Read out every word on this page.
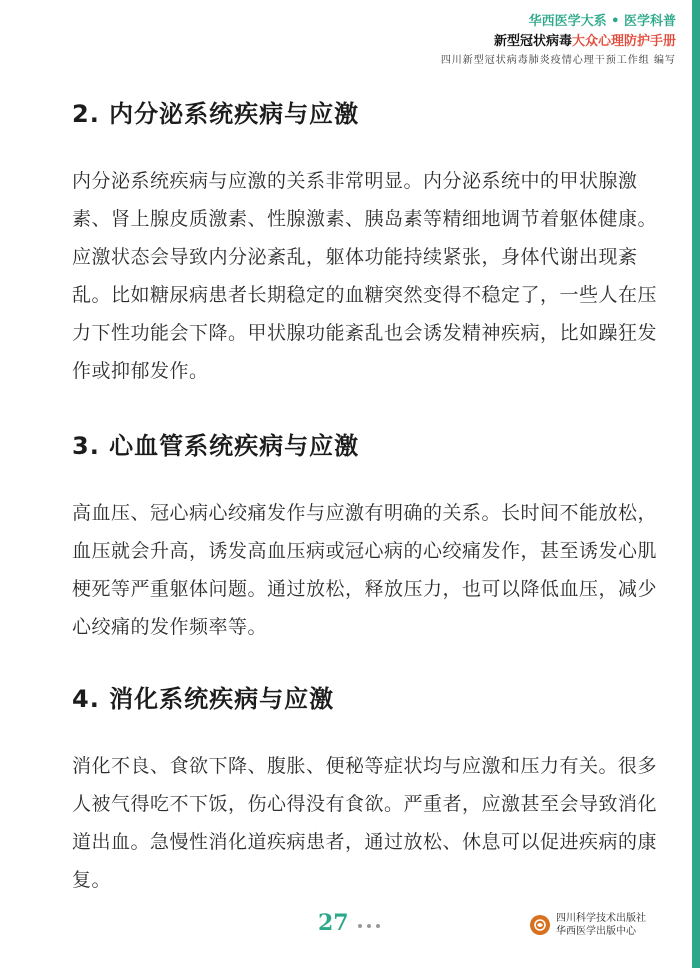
华西医学大系 • 医学科普
新型冠状病毒大众心理防护手册
四川新型冠状病毒肺炎疫情心理干预工作组 编写
2. 内分泌系统疾病与应激

内分泌系统疾病与应激的关系非常明显。内分泌系统中的甲状腺激素、肾上腺皮质激素、性腺激素、胰岛素等精细地调节着躯体健康。应激状态会导致内分泌紊乱，躯体功能持续紧张，身体代谢出现紊乱。比如糖尿病患者长期稳定的血糖突然变得不稳定了，一些人在压力下性功能会下降。甲状腺功能紊乱也会诱发精神疾病，比如躁狂发作或抑郁发作。

3. 心血管系统疾病与应激

高血压、冠心病心绞痛发作与应激有明确的关系。长时间不能放松，血压就会升高，诱发高血压病或冠心病的心绞痛发作，甚至诱发心肌梗死等严重躯体问题。通过放松，释放压力，也可以降低血压，减少心绞痛的发作频率等。

4. 消化系统疾病与应激

消化不良、食欲下降、腹胀、便秘等症状均与应激和压力有关。很多人被气得吃不下饭，伤心得没有食欲。严重者，应激甚至会导致消化道出血。急慢性消化道疾病患者，通过放松、休息可以促进疾病的康复。

27	四川科学技术出版社
华西医学出版中心
